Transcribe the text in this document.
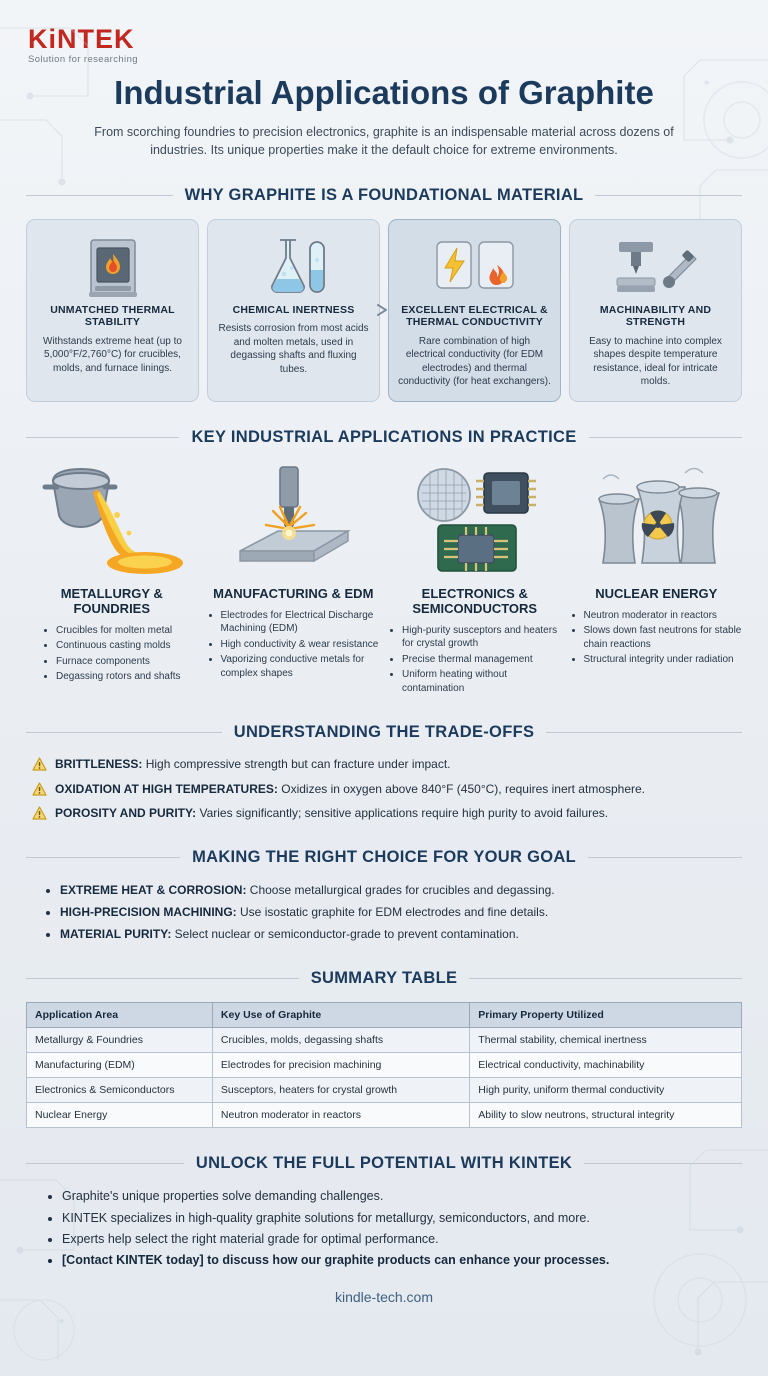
KiNTEK
Solution for researching
Industrial Applications of Graphite

From scorching foundries to precision electronics, graphite is an indispensable material across dozens of industries. Its unique properties make it the default choice for extreme environments.

WHY GRAPHITE IS A FOUNDATIONAL MATERIAL
UNMATCHED THERMAL STABILITY
Withstands extreme heat (up to 5,000°F/2,760°C) for crucibles, molds, and furnace linings.
CHEMICAL INERTNESS
Resists corrosion from most acids and molten metals, used in degassing shafts and fluxing tubes.
EXCELLENT ELECTRICAL & THERMAL CONDUCTIVITY
Rare combination of high electrical conductivity (for EDM electrodes) and thermal conductivity (for heat exchangers).
MACHINABILITY AND STRENGTH
Easy to machine into complex shapes despite temperature resistance, ideal for intricate molds.
KEY INDUSTRIAL APPLICATIONS IN PRACTICE
METALLURGY & FOUNDRIES
• Crucibles for molten metal
• Continuous casting molds
• Furnace components
• Degassing rotors and shafts
MANUFACTURING & EDM
• Electrodes for Electrical Discharge Machining (EDM)
• High conductivity & wear resistance
• Vaporizing conductive metals for complex shapes
ELECTRONICS & SEMICONDUCTORS
• High-purity susceptors and heaters for crystal growth
• Precise thermal management
• Uniform heating without contamination
NUCLEAR ENERGY
• Neutron moderator in reactors
• Slows down fast neutrons for stable chain reactions
• Structural integrity under radiation
UNDERSTANDING THE TRADE-OFFS
BRITTLENESS: High compressive strength but can fracture under impact.
OXIDATION AT HIGH TEMPERATURES: Oxidizes in oxygen above 840°F (450°C), requires inert atmosphere.
POROSITY AND PURITY: Varies significantly; sensitive applications require high purity to avoid failures.
MAKING THE RIGHT CHOICE FOR YOUR GOAL
• EXTREME HEAT & CORROSION: Choose metallurgical grades for crucibles and degassing.
• HIGH-PRECISION MACHINING: Use isostatic graphite for EDM electrodes and fine details.
• MATERIAL PURITY: Select nuclear or semiconductor-grade to prevent contamination.
SUMMARY TABLE
Application Area	Key Use of Graphite	Primary Property Utilized
Metallurgy & Foundries	Crucibles, molds, degassing shafts	Thermal stability, chemical inertness
Manufacturing (EDM)	Electrodes for precision machining	Electrical conductivity, machinability
Electronics & Semiconductors	Susceptors, heaters for crystal growth	High purity, uniform thermal conductivity
Nuclear Energy	Neutron moderator in reactors	Ability to slow neutrons, structural integrity
UNLOCK THE FULL POTENTIAL WITH KINTEK
• Graphite's unique properties solve demanding challenges.
• KINTEK specializes in high-quality graphite solutions for metallurgy, semiconductors, and more.
• Experts help select the right material grade for optimal performance.
• [Contact KINTEK today] to discuss how our graphite products can enhance your processes.
kindle-tech.com
